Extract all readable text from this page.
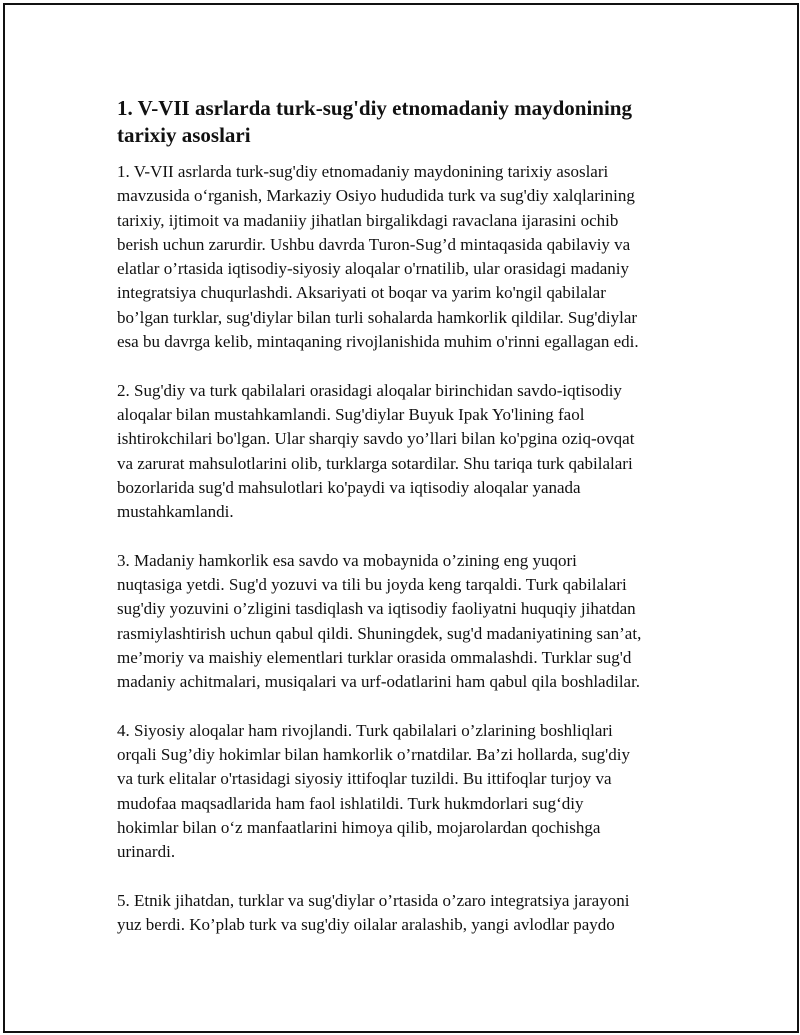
1. V-VII asrlarda turk-sug'diy etnomadaniy maydonining
tarixiy asoslari

1. V-VII asrlarda turk-sug'diy etnomadaniy maydonining tarixiy asoslari
mavzusida o‘rganish, Markaziy Osiyo hududida turk va sug'diy xalqlarining
tarixiy, ijtimoit va madaniiy jihatlan birgalikdagi ravaclana ijarasini ochib
berish uchun zarurdir. Ushbu davrda Turon-Sug’d mintaqasida qabilaviy va
elatlar o’rtasida iqtisodiy-siyosiy aloqalar o'rnatilib, ular orasidagi madaniy
integratsiya chuqurlashdi. Aksariyati ot boqar va yarim ko'ngil qabilalar
bo’lgan turklar, sug'diylar bilan turli sohalarda hamkorlik qildilar. Sug'diylar
esa bu davrga kelib, mintaqaning rivojlanishida muhim o'rinni egallagan edi.

2. Sug'diy va turk qabilalari orasidagi aloqalar birinchidan savdo-iqtisodiy
aloqalar bilan mustahkamlandi. Sug'diylar Buyuk Ipak Yo'lining faol
ishtirokchilari bo'lgan. Ular sharqiy savdo yo’llari bilan ko'pgina oziq-ovqat
va zarurat mahsulotlarini olib, turklarga sotardilar. Shu tariqa turk qabilalari
bozorlarida sug'd mahsulotlari ko'paydi va iqtisodiy aloqalar yanada
mustahkamlandi.

3. Madaniy hamkorlik esa savdo va mobaynida o’zining eng yuqori
nuqtasiga yetdi. Sug'd yozuvi va tili bu joyda keng tarqaldi. Turk qabilalari
sug'diy yozuvini o’zligini tasdiqlash va iqtisodiy faoliyatni huquqiy jihatdan
rasmiylashtirish uchun qabul qildi. Shuningdek, sug'd madaniyatining san’at,
me’moriy va maishiy elementlari turklar orasida ommalashdi. Turklar sug'd
madaniy achitmalari, musiqalari va urf-odatlarini ham qabul qila boshladilar.

4. Siyosiy aloqalar ham rivojlandi. Turk qabilalari o’zlarining boshliqlari
orqali Sug’diy hokimlar bilan hamkorlik o’rnatdilar. Ba’zi hollarda, sug'diy
va turk elitalar o'rtasidagi siyosiy ittifoqlar tuzildi. Bu ittifoqlar turjoy va
mudofaa maqsadlarida ham faol ishlatildi. Turk hukmdorlari sug‘diy
hokimlar bilan o‘z manfaatlarini himoya qilib, mojarolardan qochishga
urinardi.

5. Etnik jihatdan, turklar va sug'diylar o’rtasida o’zaro integratsiya jarayoni
yuz berdi. Ko’plab turk va sug'diy oilalar aralashib, yangi avlodlar paydo
